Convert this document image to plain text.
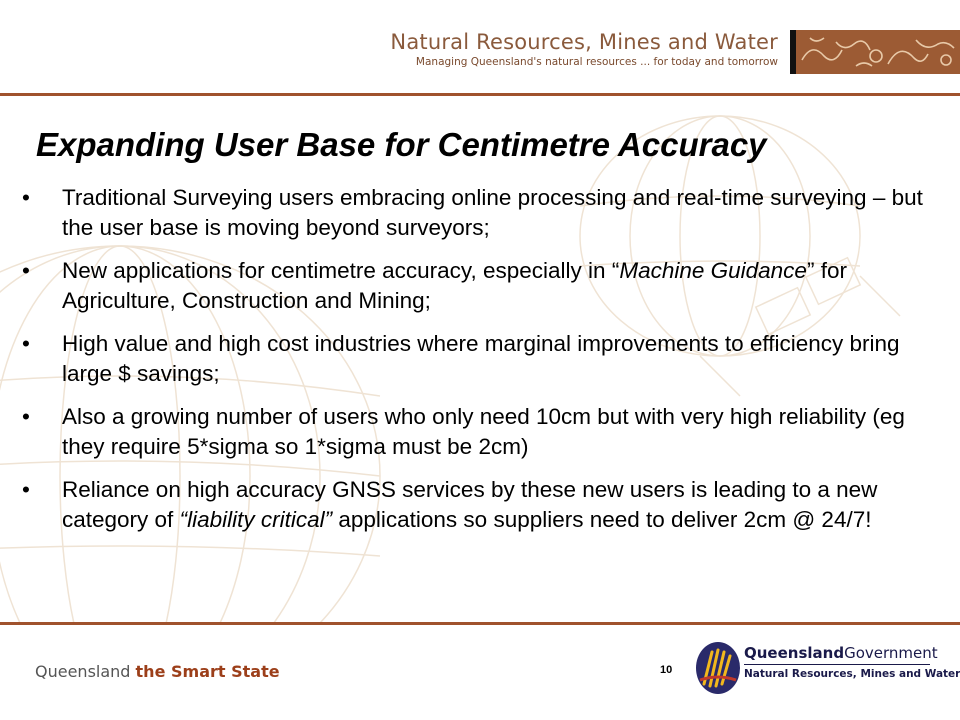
Natural Resources, Mines and Water
Managing Queensland's natural resources ... for today and tomorrow
Expanding User Base for Centimetre Accuracy
• Traditional Surveying users embracing online processing and real-time surveying – but the user base is moving beyond surveyors;
• New applications for centimetre accuracy, especially in “Machine Guidance” for Agriculture, Construction and Mining;
• High value and high cost industries where marginal improvements to efficiency bring large $ savings;
• Also a growing number of users who only need 10cm but with very high reliability (eg they require 5*sigma so 1*sigma must be 2cm)
• Reliance on high accuracy GNSS services by these new users is leading to a new category of “liability critical” applications so suppliers need to deliver 2cm @ 24/7!
Queensland the Smart State	10
QueenslandGovernment
Natural Resources, Mines and Water
